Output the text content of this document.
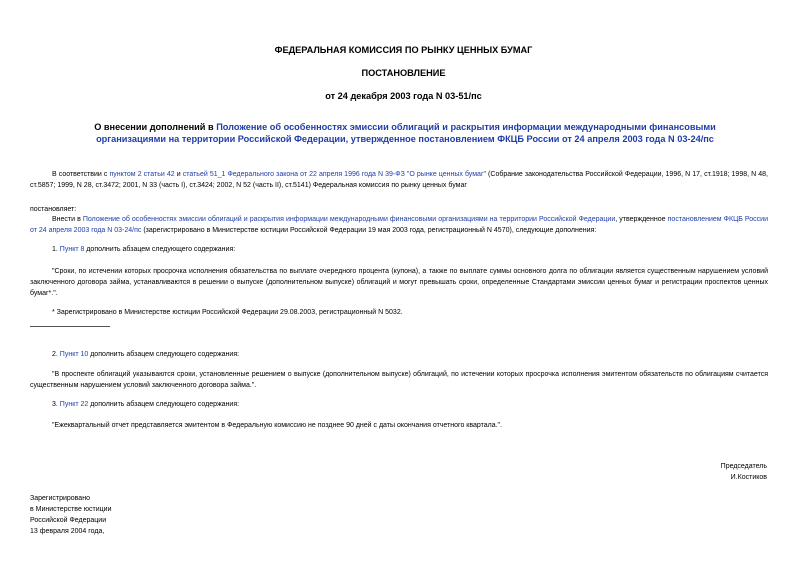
ФЕДЕРАЛЬНАЯ КОМИССИЯ ПО РЫНКУ ЦЕННЫХ БУМАГ
ПОСТАНОВЛЕНИЕ
от 24 декабря 2003 года N 03-51/пс
О внесении дополнений в Положение об особенностях эмиссии облигаций и раскрытия информации международными финансовыми организациями на территории Российской Федерации, утвержденное постановлением ФКЦБ России от 24 апреля 2003 года N 03-24/пс
В соответствии с пунктом 2 статьи 42 и статьей 51_1 Федерального закона от 22 апреля 1996 года N 39-ФЗ "О рынке ценных бумаг" (Собрание законодательства Российской Федерации, 1996, N 17, ст.1918; 1998, N 48, ст.5857; 1999, N 28, ст.3472; 2001, N 33 (часть I), ст.3424; 2002, N 52 (часть II), ст.5141) Федеральная комиссия по рынку ценных бумаг
постановляет:
Внести в Положение об особенностях эмиссии облигаций и раскрытия информации международными финансовыми организациями на территории Российской Федерации, утвержденное постановлением ФКЦБ России от 24 апреля 2003 года N 03-24/пс (зарегистрировано в Министерстве юстиции Российской Федерации 19 мая 2003 года, регистрационный N 4570), следующие дополнения:
1. Пункт 8 дополнить абзацем следующего содержания:
"Сроки, по истечении которых просрочка исполнения обязательства по выплате очередного процента (купона), а также по выплате суммы основного долга по облигации является существенным нарушением условий заключенного договора займа, устанавливаются в решении о выпуске (дополнительном выпуске) облигаций и могут превышать сроки, определенные Стандартами эмиссии ценных бумаг и регистрации проспектов ценных бумаг*.".
* Зарегистрировано в Министерстве юстиции Российской Федерации 29.08.2003, регистрационный N 5032.
2. Пункт 10 дополнить абзацем следующего содержания:
"В проспекте облигаций указываются сроки, установленные решением о выпуске (дополнительном выпуске) облигаций, по истечении которых просрочка исполнения эмитентом обязательств по облигациям считается существенным нарушением условий заключенного договора займа.".
3. Пункт 22 дополнить абзацем следующего содержания:
"Ежеквартальный отчет представляется эмитентом в Федеральную комиссию не позднее 90 дней с даты окончания отчетного квартала.".
Председатель
И.Костиков
Зарегистрировано
в Министерстве юстиции
Российской Федерации
13 февраля 2004 года,
